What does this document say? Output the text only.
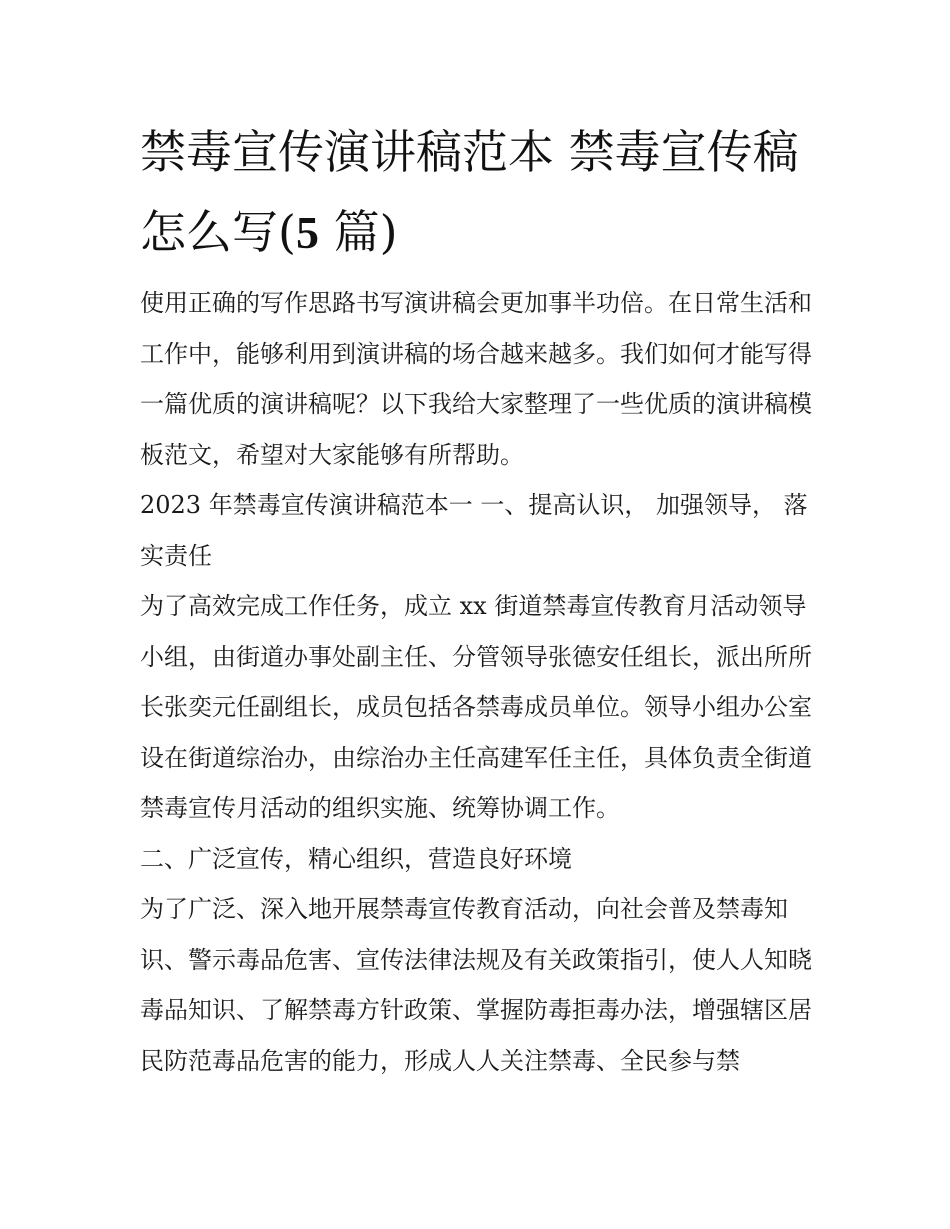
禁毒宣传演讲稿范本 禁毒宣传稿怎么写(5 篇)

使用正确的写作思路书写演讲稿会更加事半功倍。在日常生活和工作中，能够利用到演讲稿的场合越来越多。我们如何才能写得一篇优质的演讲稿呢？以下我给大家整理了一些优质的演讲稿模板范文，希望对大家能够有所帮助。

2023 年禁毒宣传演讲稿范本一 一、提高认识， 加强领导， 落实责任

为了高效完成工作任务，成立 xx 街道禁毒宣传教育月活动领导小组，由街道办事处副主任、分管领导张德安任组长，派出所所长张奕元任副组长，成员包括各禁毒成员单位。领导小组办公室设在街道综治办，由综治办主任高建军任主任，具体负责全街道禁毒宣传月活动的组织实施、统筹协调工作。

二、广泛宣传，精心组织，营造良好环境

为了广泛、深入地开展禁毒宣传教育活动，向社会普及禁毒知识、警示毒品危害、宣传法律法规及有关政策指引，使人人知晓毒品知识、了解禁毒方针政策、掌握防毒拒毒办法，增强辖区居民防范毒品危害的能力，形成人人关注禁毒、全民参与禁
